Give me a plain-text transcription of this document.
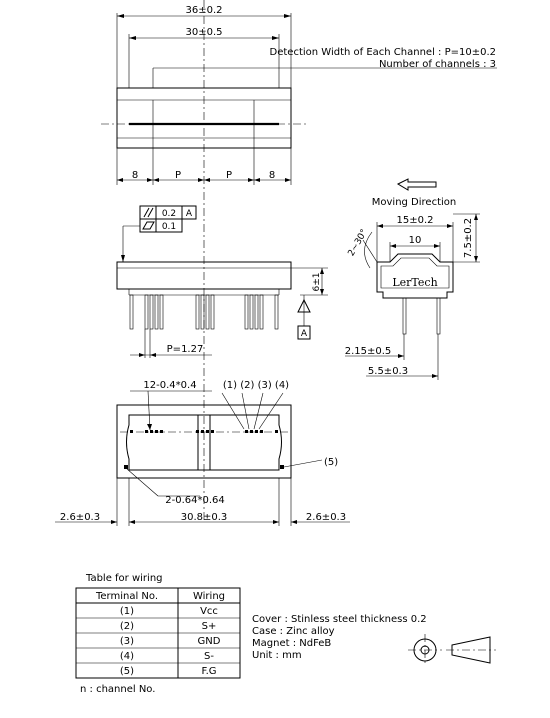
36±0.2
30±0.5
Detection Width of Each Channel : P=10±0.2
Number of channels : 3
8	P	P	8
0.2 A
0.1
6±1
A
P=1.27
Moving Direction
15±0.2
10	7.5±0.2
2~30°
LerTech
2.15±0.5
5.5±0.3
12-0.4*0.4	(1) (2) (3) (4)
(5)
2-0.64*0.64
2.6±0.3	30.8±0.3	2.6±0.3
Table for wiring
Terminal No.	Wiring
(1)	Vcc
(2)	S+
(3)	GND
(4)	S-
(5)	F.G
n : channel No.
Cover : Stinless steel thickness 0.2
Case : Zinc alloy
Magnet : NdFeB
Unit : mm
